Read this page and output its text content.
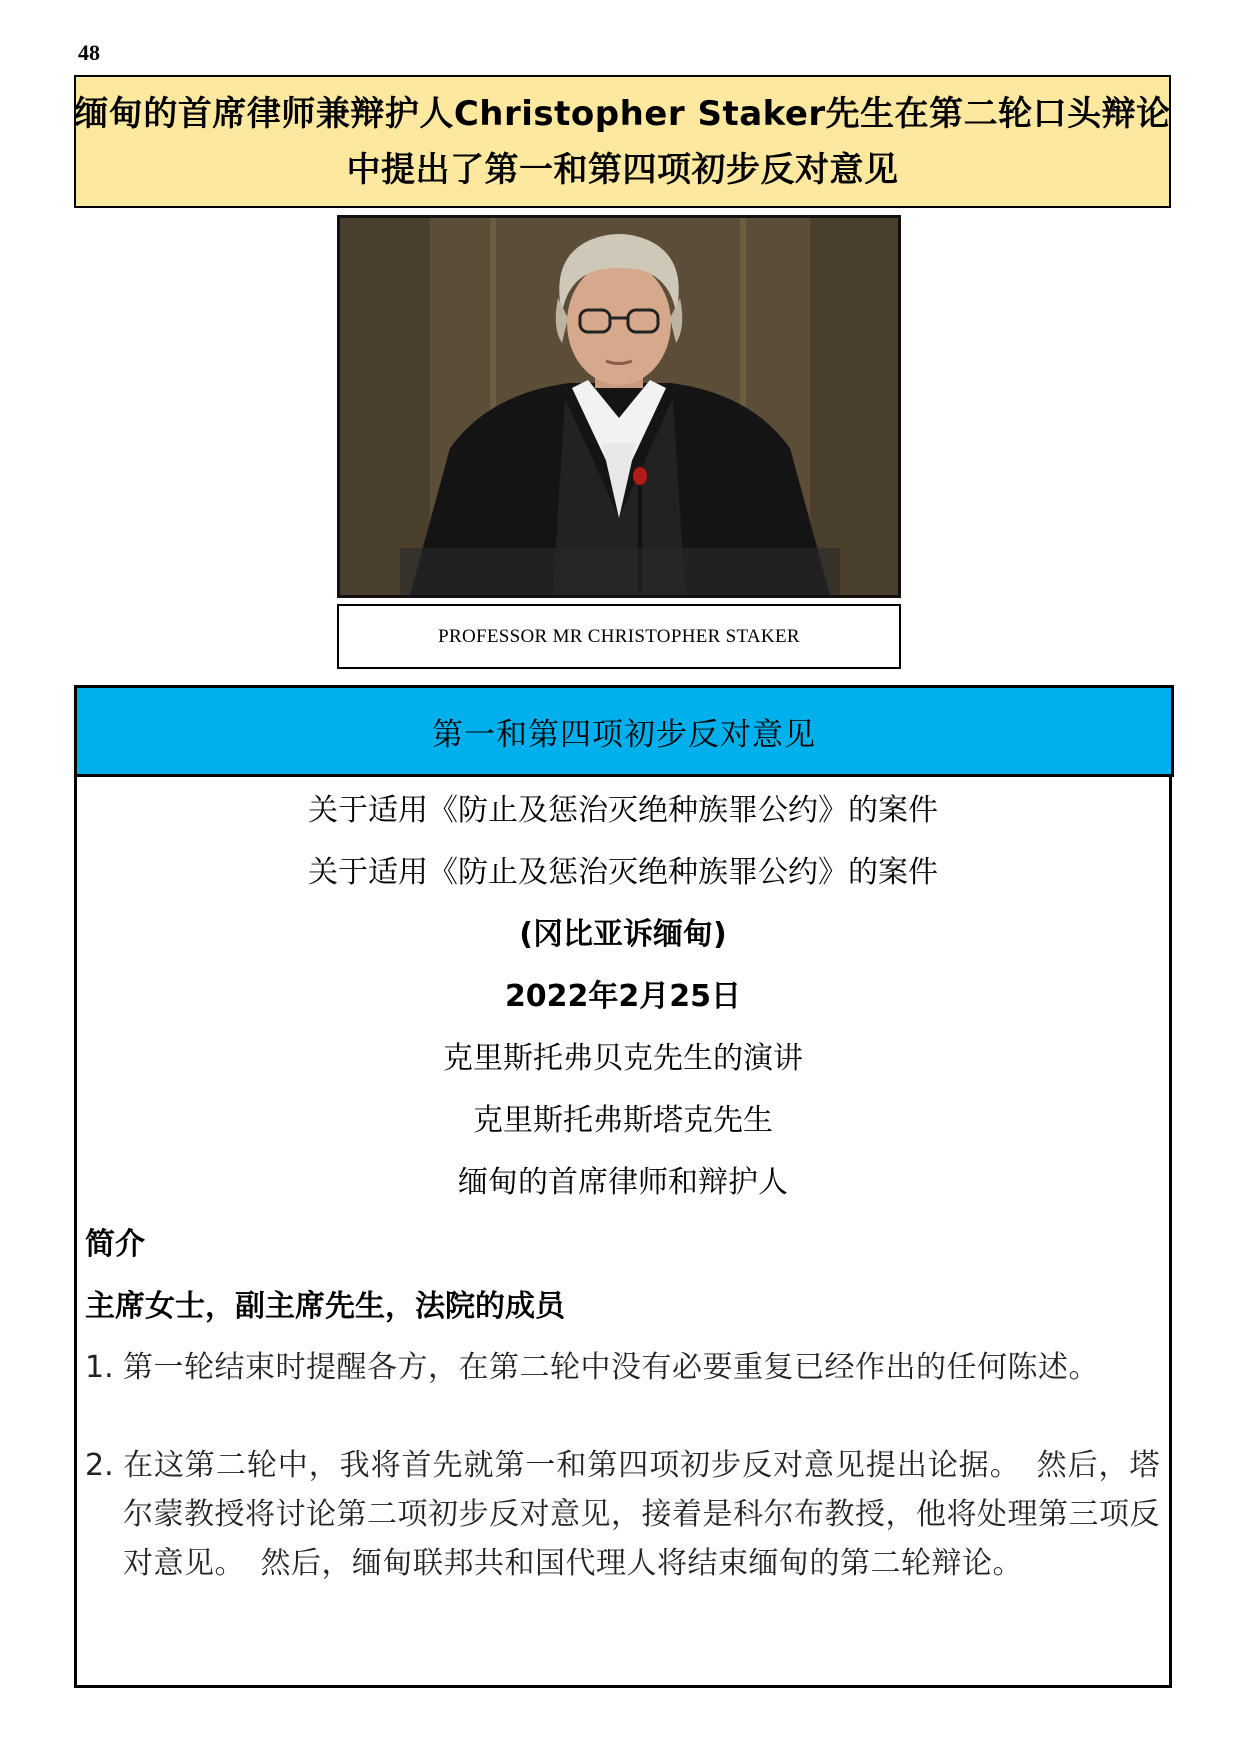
48
缅甸的首席律师兼辩护人Christopher Staker先生在第二轮口头辩论
中提出了第一和第四项初步反对意见
PROFESSOR MR CHRISTOPHER STAKER
第一和第四项初步反对意见
关于适用《防止及惩治灭绝种族罪公约》的案件
关于适用《防止及惩治灭绝种族罪公约》的案件
(冈比亚诉缅甸)
2022年2月25日
克里斯托弗贝克先生的演讲
克里斯托弗斯塔克先生
缅甸的首席律师和辩护人
简介
主席女士，副主席先生，法院的成员
1. 第一轮结束时提醒各方，在第二轮中没有必要重复已经作出的任何陈述。
2. 在这第二轮中，我将首先就第一和第四项初步反对意见提出论据。　然后，塔尔蒙教授将讨论第二项初步反对意见，接着是科尔布教授，他将处理第三项反对意见。　然后，缅甸联邦共和国代理人将结束缅甸的第二轮辩论。
